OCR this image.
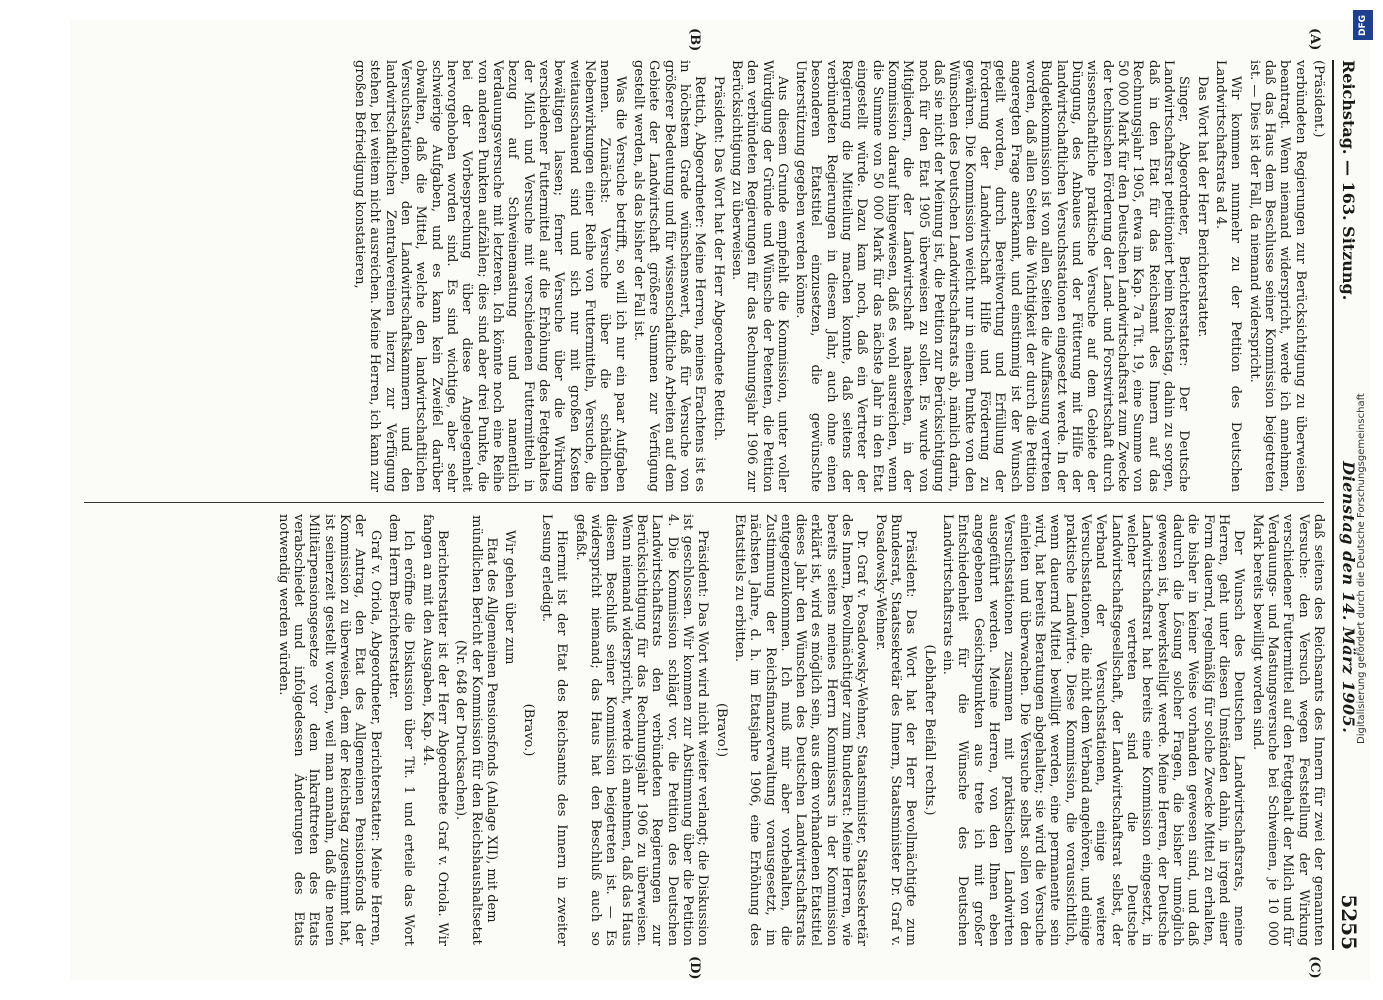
Reichstag. — 163. Sitzung.
Dienstag den 14. März 1905.
5255
(A)
(B)
(C)
(D)

(Präsident.)

verbündeten Regierungen zur Berücksichtigung zu überweisen beantragt. Wenn niemand widerspricht, werde ich annehmen, daß das Haus dem Beschlusse seiner Kommission beigetreten ist. — Dies ist der Fall, da niemand widerspricht.

Wir kommen nunmehr zu der Petition des Deutschen Landwirtschaftsrats ad 4.

Das Wort hat der Herr Berichterstatter.

Singer, Abgeordneter, Berichterstatter: Der Deutsche Landwirtschaftsrat petitioniert beim Reichstag, dahin zu sorgen, daß in den Etat für das Reichsamt des Innern auf das Rechnungsjahr 1905, etwa im Kap. 7a Tit. 19, eine Summe von 50 000 Mark für den Deutschen Landwirtschaftsrat zum Zwecke der technischen Förderung der Land- und Forstwirtschaft durch wissenschaftliche praktische Versuche auf dem Gebiete der Düngung, des Anbaues und der Fütterung mit Hilfe der landwirtschaftlichen Versuchsstationen eingesetzt werde. In der Budgetkommission ist von allen Seiten die Auffassung vertreten worden, daß allen Seiten die Wichtigkeit der durch die Petition angeregten Frage anerkannt, und einstimmig ist der Wunsch geteilt worden, durch Bereitwortung und Erfüllung der Forderung der Landwirtschaft Hilfe und Förderung zu gewähren. Die Kommission weicht nur in einem Punkte von den Wünschen des Deutschen Landwirtschaftsrats ab, nämlich darin, daß sie nicht der Meinung ist, die Petition zur Berücksichtigung noch für den Etat 1905 überweisen zu sollen. Es wurde von Mitgliedern, die der Landwirtschaft nahestehen, in der Kommission darauf hingewiesen, daß es wohl ausreichen, wenn die Summe von 50 000 Mark für das nächste Jahr in den Etat eingestellt würde. Dazu kam noch, daß ein Vertreter der Regierung die Mitteilung machen konnte, daß seitens der verbündeten Regierungen in diesem Jahr, auch ohne einen besonderen Etatstitel einzusetzen, die gewünschte Unterstützung gegeben werden könne.

Aus diesem Grunde empfiehlt die Kommission, unter voller Würdigung der Gründe und Wünsche der Petenten, die Petition den verbündeten Regierungen für das Rechnungsjahr 1906 zur Berücksichtigung zu überweisen.

Präsident: Das Wort hat der Herr Abgeordnete Rettich.

Rettich, Abgeordneter: Meine Herren, meines Erachtens ist es in höchstem Grade wünschenswert, daß für Versuche von größerer Bedeutung und für wissenschaftliche Arbeiten auf dem Gebiete der Landwirtschaft größere Summen zur Verfügung gestellt werden, als das bisher der Fall ist.

Was die Versuche betrifft, so will ich nur ein paar Aufgaben nennen. Zunächst: Versuche über die schädlichen Nebenwirkungen einer Reihe von Futtermitteln, Versuche, die weitausschauend sind und sich nur mit großen Kosten bewältigen lassen; ferner Versuche über die Wirkung verschiedener Futtermittel auf die Erhöhung des Fettgehaltes der Milch und Versuche mit verschiedenen Futtermitteln in bezug auf Schweinemastung und namentlich Verdauungsversuche mit letzteren. Ich könnte noch eine Reihe von anderen Punkten aufzählen; dies sind aber drei Punkte, die bei der Vorbesprechung über diese Angelegenheit hervorgehoben worden sind. Es sind wichtige, aber sehr schwierige Aufgaben, und es kann kein Zweifel darüber obwalten, daß die Mittel, welche den landwirtschaftlichen Versuchsstationen, den Landwirtschaftskammern und den landwirtschaftlichen Zentralvereinen hierzu zur Verfügung stehen, bei weitem nicht ausreichen. Meine Herren, ich kann zur großen Befriedigung konstatieren,

daß seitens des Reichsamts des Innern für zwei der genannten Versuche: den Versuch wegen Feststellung der Wirkung verschiedener Futtermittel auf den Fettgehalt der Milch und für Verdauungs- und Mastungsversuche bei Schweinen, je 10 000 Mark bereits bewilligt worden sind.

Der Wunsch des Deutschen Landwirtschaftsrats, meine Herren, geht unter diesen Umständen dahin, in irgend einer Form dauernd, regelmäßig für solche Zwecke Mittel zu erhalten, die bisher in keiner Weise vorhanden gewesen sind, und daß dadurch die Lösung solcher Fragen, die bisher unmöglich gewesen ist, bewerkstelligt werde. Meine Herren, der Deutsche Landwirtschaftsrat hat bereits eine Kommission eingesetzt, in welcher vertreten sind die Deutsche Landwirtschaftsgesellschaft, der Landwirtschaftsrat selbst, der Verband der Versuchsstationen, einige weitere Versuchsstationen, die nicht dem Verband angehören, und einige praktische Landwirte. Diese Kommission, die voraussichtlich, wenn dauernd Mittel bewilligt werden, eine permanente sein wird, hat bereits Beratungen abgehalten; sie wird die Versuche einleiten und überwachen. Die Versuche selbst sollen von den Versuchsstationen zusammen mit praktischen Landwirten ausgeführt werden. Meine Herren, von den Ihnen eben angegebenen Gesichtspunkten aus trete ich mit großer Entschiedenheit für die Wünsche des Deutschen Landwirtschaftsrats ein.

(Lebhafter Beifall rechts.)

Präsident: Das Wort hat der Herr Bevollmächtigte zum Bundesrat, Staatssekretär des Innern, Staatsminister Dr. Graf v. Posadowsky-Wehner.

Dr. Graf v. Posadowsky-Wehner, Staatsminister, Staatssekretär des Innern, Bevollmächtigter zum Bundesrat: Meine Herren, wie bereits seitens meines Herrn Kommissars in der Kommission erklärt ist, wird es möglich sein, aus dem vorhandenen Etatstitel dieses Jahr den Wünschen des Deutschen Landwirtschaftsrats entgegenzukommen. Ich muß mir aber vorbehalten, die Zustimmung der Reichsfinanzverwaltung vorausgesetzt, im nächsten Jahre, d. h. im Etatsjahre 1906, eine Erhöhung des Etatstitels zu erbitten.

(Bravo!)

Präsident: Das Wort wird nicht weiter verlangt; die Diskussion ist geschlossen. Wir kommen zur Abstimmung über die Petition 4. Die Kommission schlägt vor, die Petition des Deutschen Landwirtschaftsrats den verbündeten Regierungen zur Berücksichtigung für das Rechnungsjahr 1906 zu überweisen. Wenn niemand widerspricht, werde ich annehmen, daß das Haus diesem Beschluß seiner Kommission beigetreten ist. — Es widerspricht niemand; das Haus hat den Beschluß auch so gefaßt.

Hiermit ist der Etat des Reichsamts des Innern in zweiter Lesung erledigt.

(Bravo.)

Wir gehen über zum

Etat des Allgemeinen Pensionsfonds (Anlage XII), mit dem mündlichen Bericht der Kommission für den Reichshaushaltsetat (Nr. 648 der Drucksachen).

Berichterstatter ist der Herr Abgeordnete Graf v. Oriola. Wir fangen an mit den Ausgaben, Kap. 44.

Ich eröffne die Diskussion über Tit. 1 und erteile das Wort dem Herrn Berichterstatter.

Graf v. Oriola, Abgeordneter, Berichterstatter: Meine Herren, der Antrag, den Etat des Allgemeinen Pensionsfonds der Kommission zu überweisen, dem der Reichstag zugestimmt hat, ist seinerzeit gestellt worden, weil man annahm, daß die neuen Militärpensionsgesetze vor dem Inkrafttreten des Etats verabschiedet und infolgedessen Änderungen des Etats notwendig werden würden.

DFG
Digitalisierung gefördert durch die Deutsche Forschungsgemeinschaft
